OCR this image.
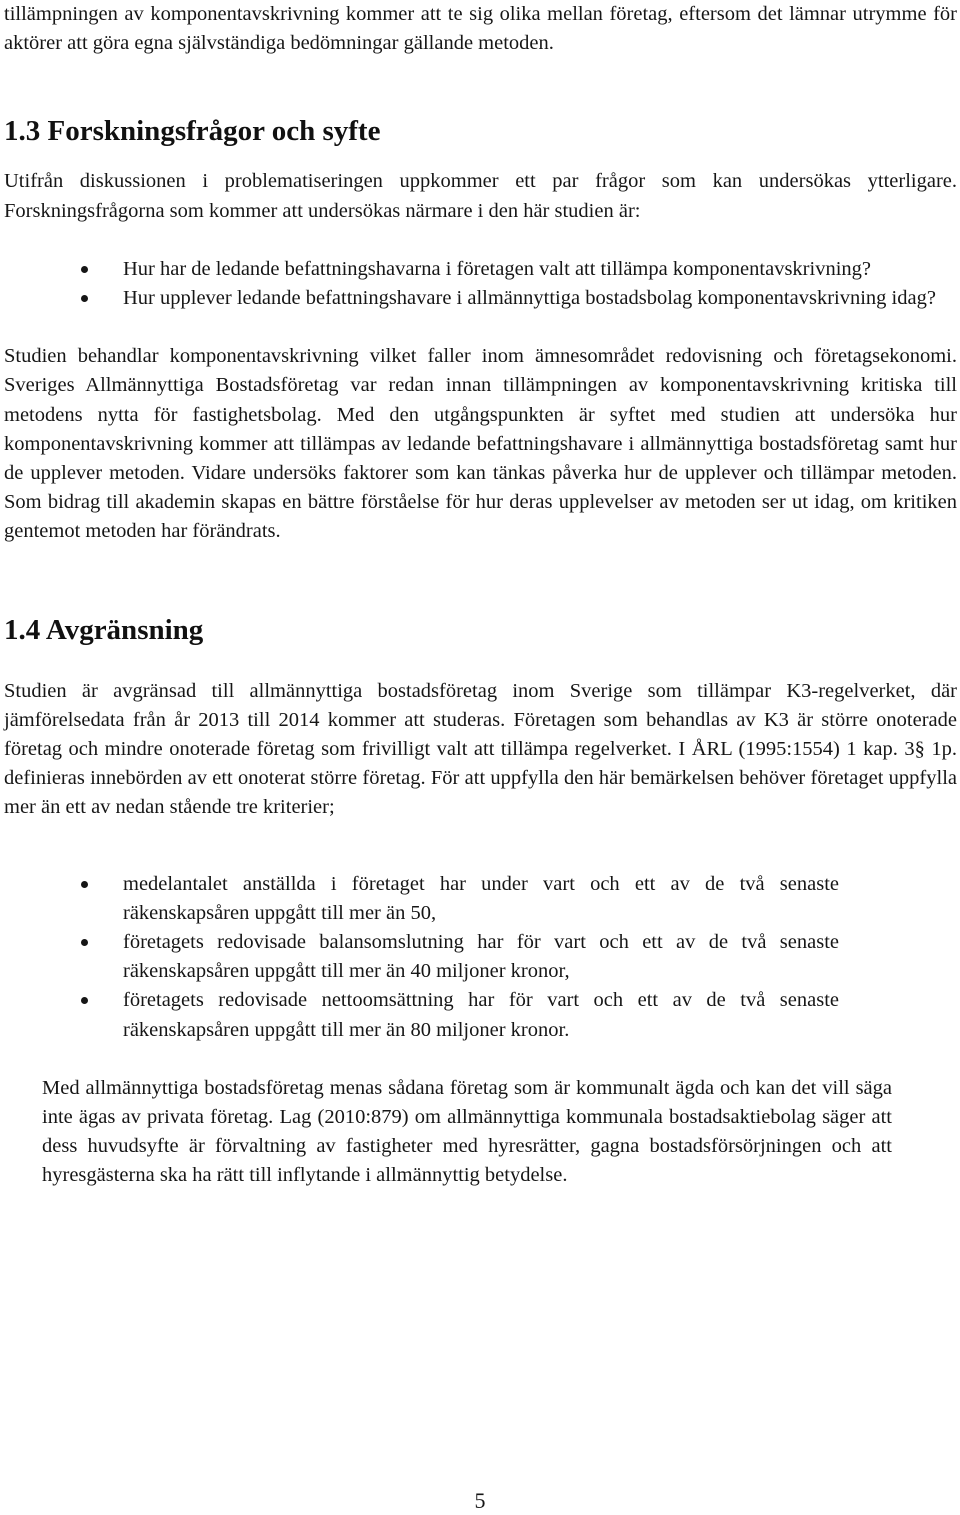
tillämpningen av komponentavskrivning kommer att te sig olika mellan företag, eftersom det lämnar utrymme för aktörer att göra egna självständiga bedömningar gällande metoden.

1.3 Forskningsfrågor och syfte

Utifrån diskussionen i problematiseringen uppkommer ett par frågor som kan undersökas ytterligare. Forskningsfrågorna som kommer att undersökas närmare i den här studien är:

Hur har de ledande befattningshavarna i företagen valt att tillämpa komponentavskrivning?
Hur upplever ledande befattningshavare i allmännyttiga bostadsbolag komponentavskrivning idag?

Studien behandlar komponentavskrivning vilket faller inom ämnesområdet redovisning och företagsekonomi. Sveriges Allmännyttiga Bostadsföretag var redan innan tillämpningen av komponentavskrivning kritiska till metodens nytta för fastighetsbolag. Med den utgångspunkten är syftet med studien att undersöka hur komponentavskrivning kommer att tillämpas av ledande befattningshavare i allmännyttiga bostadsföretag samt hur de upplever metoden. Vidare undersöks faktorer som kan tänkas påverka hur de upplever och tillämpar metoden. Som bidrag till akademin skapas en bättre förståelse för hur deras upplevelser av metoden ser ut idag, om kritiken gentemot metoden har förändrats.

1.4 Avgränsning

Studien är avgränsad till allmännyttiga bostadsföretag inom Sverige som tillämpar K3-regelverket, där jämförelsedata från år 2013 till 2014 kommer att studeras. Företagen som behandlas av K3 är större onoterade företag och mindre onoterade företag som frivilligt valt att tillämpa regelverket. I ÅRL (1995:1554) 1 kap. 3§ 1p. definieras innebörden av ett onoterat större företag. För att uppfylla den här bemärkelsen behöver företaget uppfylla mer än ett av nedan stående tre kriterier;

medelantalet anställda i företaget har under vart och ett av de två senaste räkenskapsåren uppgått till mer än 50,
företagets redovisade balansomslutning har för vart och ett av de två senaste räkenskapsåren uppgått till mer än 40 miljoner kronor,
företagets redovisade nettoomsättning har för vart och ett av de två senaste räkenskapsåren uppgått till mer än 80 miljoner kronor.

Med allmännyttiga bostadsföretag menas sådana företag som är kommunalt ägda och kan det vill säga inte ägas av privata företag. Lag (2010:879) om allmännyttiga kommunala bostadsaktiebolag säger att dess huvudsyfte är förvaltning av fastigheter med hyresrätter, gagna bostadsförsörjningen och att hyresgästerna ska ha rätt till inflytande i allmännyttig betydelse.

5
